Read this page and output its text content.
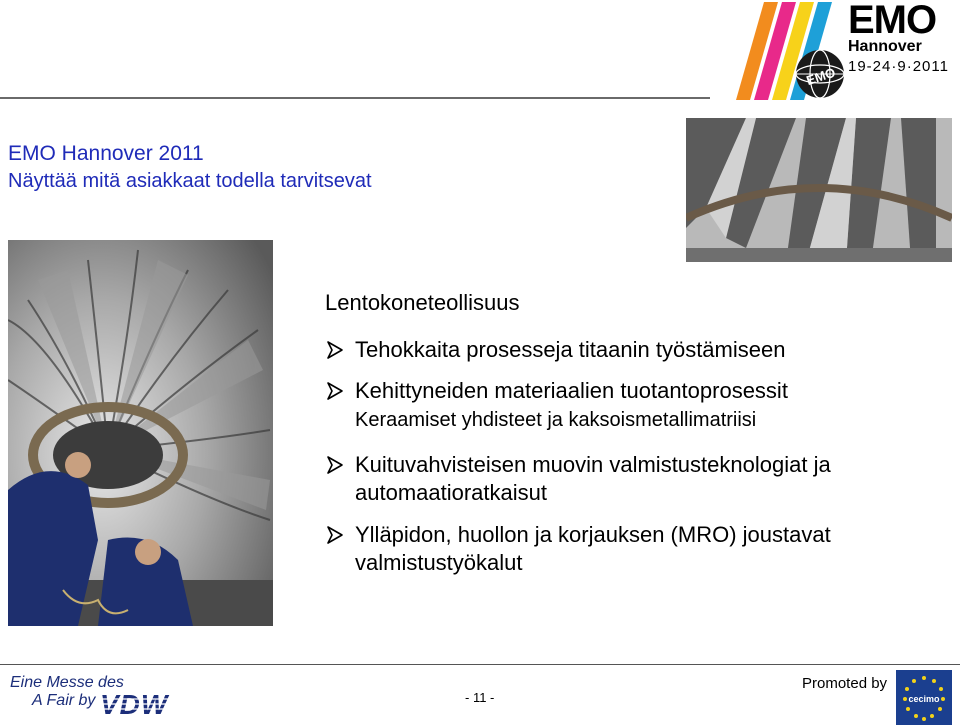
EMO
EMO
Hannover
19-24·9·2011
EMO Hannover 2011
Näyttää mitä asiakkaat todella tarvitsevat
Lentokoneteollisuus
Tehokkaita prosesseja titaanin työstämiseen
Kehittyneiden materiaalien tuotantoprosessit
Keraamiset yhdisteet ja kaksoismetallimatriisi
Kuituvahvisteisen muovin valmistusteknologiat ja automaatioratkaisut
Ylläpidon, huollon ja korjauksen (MRO) joustavat valmistustyökalut
Eine Messe des
A Fair by VDW	- 11 -
Promoted by
cecimo
